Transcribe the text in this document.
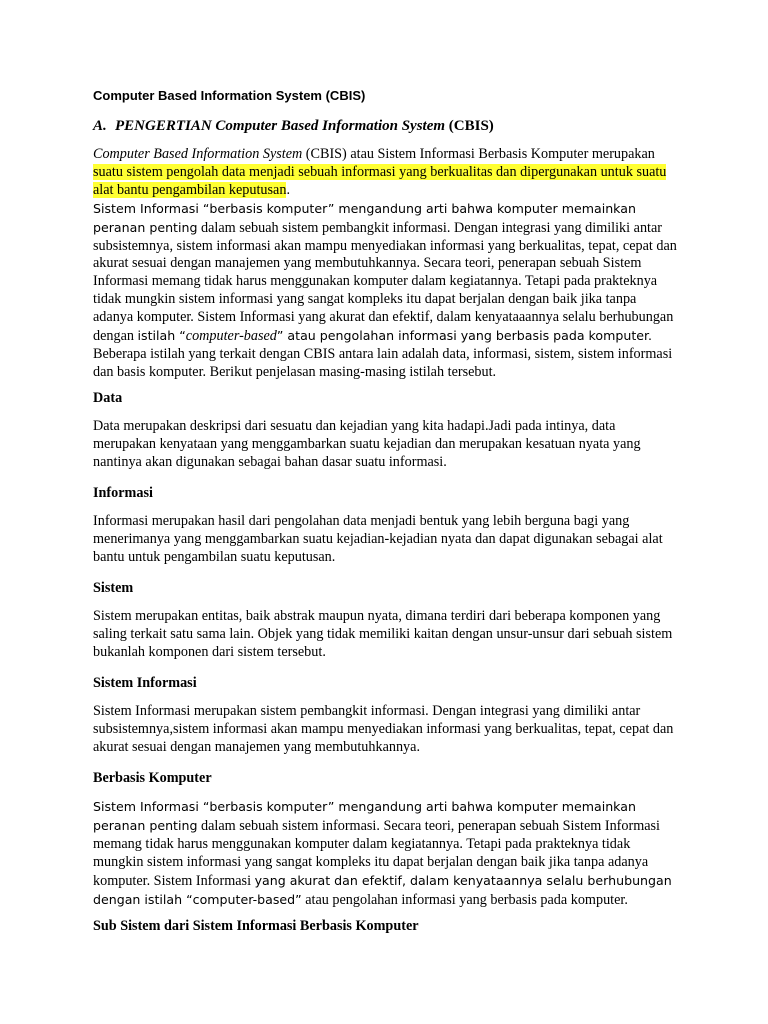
Computer Based Information System (CBIS)

A. PENGERTIAN Computer Based Information System (CBIS)

Computer Based Information System (CBIS) atau Sistem Informasi Berbasis Komputer merupakan suatu sistem pengolah data menjadi sebuah informasi yang berkualitas dan dipergunakan untuk suatu alat bantu pengambilan keputusan.
Sistem Informasi “berbasis komputer” mengandung arti bahwa komputer memainkan peranan penting dalam sebuah sistem pembangkit informasi. Dengan integrasi yang dimiliki antar subsistemnya, sistem informasi akan mampu menyediakan informasi yang berkualitas, tepat, cepat dan akurat sesuai dengan manajemen yang membutuhkannya. Secara teori, penerapan sebuah Sistem Informasi memang tidak harus menggunakan komputer dalam kegiatannya. Tetapi pada prakteknya tidak mungkin sistem informasi yang sangat kompleks itu dapat berjalan dengan baik jika tanpa adanya komputer. Sistem Informasi yang akurat dan efektif, dalam kenyataaannya selalu berhubungan dengan istilah “computer-based” atau pengolahan informasi yang berbasis pada komputer. Beberapa istilah yang terkait dengan CBIS antara lain adalah data, informasi, sistem, sistem informasi dan basis komputer. Berikut penjelasan masing-masing istilah tersebut.

Data

Data merupakan deskripsi dari sesuatu dan kejadian yang kita hadapi.Jadi pada intinya, data merupakan kenyataan yang menggambarkan suatu kejadian dan merupakan kesatuan nyata yang nantinya akan digunakan sebagai bahan dasar suatu informasi.

Informasi

Informasi merupakan hasil dari pengolahan data menjadi bentuk yang lebih berguna bagi yang menerimanya yang menggambarkan suatu kejadian-kejadian nyata dan dapat digunakan sebagai alat bantu untuk pengambilan suatu keputusan.

Sistem

Sistem merupakan entitas, baik abstrak maupun nyata, dimana terdiri dari beberapa komponen yang saling terkait satu sama lain. Objek yang tidak memiliki kaitan dengan unsur-unsur dari sebuah sistem bukanlah komponen dari sistem tersebut.

Sistem Informasi

Sistem Informasi merupakan sistem pembangkit informasi. Dengan integrasi yang dimiliki antar subsistemnya,sistem informasi akan mampu menyediakan informasi yang berkualitas, tepat, cepat dan akurat sesuai dengan manajemen yang membutuhkannya.

Berbasis Komputer

Sistem Informasi “berbasis komputer” mengandung arti bahwa komputer memainkan peranan penting dalam sebuah sistem informasi. Secara teori, penerapan sebuah Sistem Informasi memang tidak harus menggunakan komputer dalam kegiatannya. Tetapi pada prakteknya tidak mungkin sistem informasi yang sangat kompleks itu dapat berjalan dengan baik jika tanpa adanya komputer. Sistem Informasi yang akurat dan efektif, dalam kenyataannya selalu berhubungan dengan istilah “computer-based” atau pengolahan informasi yang berbasis pada komputer.

Sub Sistem dari Sistem Informasi Berbasis Komputer
